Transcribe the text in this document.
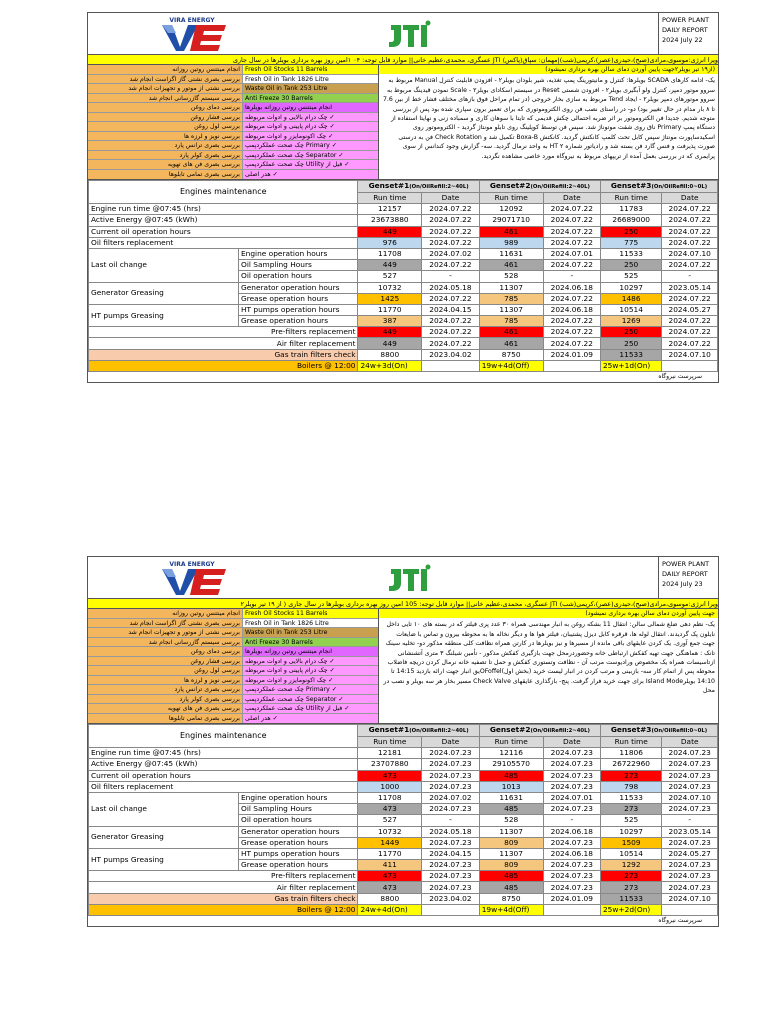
VIRA ENERGY	POWER PLANT DAILY REPORT
2024 July 22
ویرا انرژی:موسوی،مرادی(صبح)،حیدری(عصر)،کریمی(شب)|مهمان: سپاق(پاکس) JTI عسگری، محمدی،عظیم خانی|| موارد قابل توجه: ۰۴ ۱امین روز بهره برداری بویلرها در سال جاری
انجام مینتنس روتین روزانه Fresh Oil Stocks 11 Barrels
بررسی بصری نشتی گاز اگزاست انجام شد Fresh Oil in Tank 1826 Litre
بررسی نشتی از موتور و تجهیزات انجام شد Waste Oil in Tank 253 Litre
بررسی سیستم گازرسانی انجام شد Anti Freeze 30 Barrels
بررسی دمای روغن انجام مینتنس روتین روزانه بویلرها
بررسی فشار روغن چک درام بالایی و ادوات مربوطه ✓
بررسی لول روغن چک درام پایینی و ادوات مربوطه ✓
بررسی نویز و لرزه ها چک اکونومایزر و ادوات مربوطه ✓
بررسی بصری ترانس پارد چک صحت عملکردپمپ Primary ✓
بررسی بصری کولر پارد چک صحت عملکردپمپ Separator ✓
بررسی بصری فن های تهویه چک صحت عملکردپمپ Utility فیل از ✓
بررسی بصری تمامی تابلوها هدر اصلی ✓
(از۱۹ تیر بویلر۲جهت پایین آوردن دمای سالن بهره برداری نمیشود)
یک- ادامه کارهای SCADA بویلرها: کنترل و مانیتورینگ پمپ تغذیه، شیر بلودان بویلر۲ - افزودن قابلیت کنترل Manual مربوط به سروو موتور دمپر، کنترل ولو آبگیری بویلر۲ - افزودن شستی Reset در سیستم اسکادای بویلر۲ - Scale نمودن قیدینگ مربوط به سروو موتورهای دمپر بویلر۲ - ایجاد Tend مربوط به سازی بخار خروجی (در تمام مراحل فوق بازهای مختلف فشار خط از بین 7.6 تا ۸ بار مدام در حال تغییر بود) دو- در راستای نصب فن روی الکتروموتوری که برای تعمیر برون سپاری شده بود پس از بررسی متوجه شدیم. جدیدا فن الکتروموتور بر اثر ضربه احتمالی چکش قدیمی که تایتا با سوهان کاری و سمباده زنی و نهایتا استفاده از دستگاه پمپ Primary ناق روی شفت موتوناژ شد. سپس فن توسط کوپلینگ روی تابلو مونتاژ گردید - الکتروموتور روی اسکیدساپورت مونتاژ سپس کابل تحت کلمپ کانکتش گردید. کانکتش Boxa-B تکمیل شد و Check Rotation فن به درستی صورت پذیرفت و فنس گارد فن بسته شد و رادیاتور شماره ۲ HT به واحد نرمال گردید. سه- گزارش وجود کندانس از سوی پرایمری که در بررسی بعمل آمده از تریپهای مربوط به نیروگاه مورد خاصی مشاهده نگردید.
Engines maintenance		Genset#1(On/OilRefill:2~40L)		Genset#2(On/OilRefill:2~40L)		Genset#3(On/OilRefill:0~0L)	
		Run time	Date	Run time	Date	Run time	Date
Engine run time @07:45 (hrs)		12157	2024.07.22	12092	2024.07.22	11783	2024.07.22
Active Energy @07:45 (kWh)		23673880	2024.07.22	29071710	2024.07.22	26689000	2024.07.22
Current oil operation hours		449	2024.07.22	461	2024.07.22	250	2024.07.22
Oil filters replacement		976	2024.07.22	989	2024.07.22	775	2024.07.22
Last oil change	Engine operation hours	11708	2024.07.02	11631	2024.07.01	11533	2024.07.10
	Oil Sampling Hours	449	2024.07.22	461	2024.07.22	250	2024.07.22
	Oil operation hours	527	-	528	-	525	-
Generator Greasing	Generator operation hours	10732	2024.05.18	11307	2024.06.18	10297	2023.05.14
	Grease operation hours	1425	2024.07.22	785	2024.07.22	1486	2024.07.22
HT pumps Greasing	HT pumps operation hours	11770	2024.04.15	11307	2024.06.18	10514	2024.05.27
	Grease operation hours	387	2024.07.22	785	2024.07.22	1269	2024.07.22
Pre-filters replacement		449	2024.07.22	461	2024.07.22	250	2024.07.22
Air filter replacement		449	2024.07.22	461	2024.07.22	250	2024.07.22
Gas train filters check		8800	2023.04.02	8750	2024.01.09	11533	2024.07.10
Boilers @ 12:00		24w+3d(On)		19w+4d(Off)		25w+1d(On)	
سرپرست نیروگاه
VIRA ENERGY	POWER PLANT DAILY REPORT
2024 July 23
ویرا انرژی:موسوی،مرادی(صبح)،حیدری(عصر)،کریمی(شب) JTI عسگری، محمدی،عظیم خانی|| موارد قابل توجه: 105 امین روز بهره برداری بویلرها در سال جاری ( از ۱۹ تیر بویلر۲
انجام مینتنس روتین روزانه Fresh Oil Stocks 11 Barrels
بررسی بصری نشتی گاز اگزاست انجام شد Fresh Oil in Tank 1826 Litre
بررسی نشتی از موتور و تجهیزات انجام شد Waste Oil in Tank 253 Litre
بررسی سیستم گازرسانی انجام شد Anti Freeze 30 Barrels
بررسی دمای روغن انجام مینتنس روتین روزانه بویلرها
بررسی فشار روغن چک درام بالایی و ادوات مربوطه ✓
بررسی لول روغن چک درام پایینی و ادوات مربوطه ✓
بررسی نویز و لرزه ها چک اکونومایزر و ادوات مربوطه ✓
بررسی بصری ترانس پارد چک صحت عملکردپمپ Primary ✓
بررسی بصری کولر پارد چک صحت عملکردپمپ Separator ✓
بررسی بصری فن های تهویه چک صحت عملکردپمپ Utility فیل از ✓
بررسی بصری تمامی تابلوها هدر اصلی ✓
جهت پایین آوردن دمای سالن بهره برداری نمیشود)
یک- نظم دهی ضلع شمالی سالن: انتقال 11 بشکه روغن به انبار مهندسی همراه ۳۰ عدد پری فیلتر که در بسته های ۱۰ تایی داخل نایلون پک گردیدند. انتقال لوله ها، قرقره کابل دیزل پشتیبان، فیلتر هوا ها و دیگر نخاله ها به محوطه بیرون و تماس با ضایعات جهت جمع آوری. یک کردن عایقهای باقی مانده از مسیرها و نیز بویلرها در کارتن همراه نظافت کلی منطقه مذکور دو- تخلیه سینک تانک : هماهنگی جهت تهیه کفکش ارتباطی خانه وحضوردرمحل جهت بازگیری کفکش مذکور - تأمین شیلنگ ۳ متری آتشنشانی ازتاسیسات همراه یک مخصوص ورادیوست مرتب آن - نظافت وتستوری کفکش و حمل تا تصفیه خانه نرمال کردن دریچه فاضلاب محوطه پس از اتمام کار سه- بازبینی و مرتب کردن در انبار لیست خرید (بخش اول)OFoffelیق انبار جهت ارائه بازدید 14:15 تا 14:10 بویلرIsland Mode برای جهت خرید فرار گرفت. پنج- بازگذاری عایقهای Check Valve مسیر بخار هر سه بویلر و نصب در محل
Engines maintenance		Genset#1(On/OilRefill:2~40L)		Genset#2(On/OilRefill:2~40L)		Genset#3(On/OilRefill:0~0L)	
		Run time	Date	Run time	Date	Run time	Date
Engine run time @07:45 (hrs)		12181	2024.07.23	12116	2024.07.23	11806	2024.07.23
Active Energy @07:45 (kWh)		23707880	2024.07.23	29105570	2024.07.23	26722960	2024.07.23
Current oil operation hours		473	2024.07.23	485	2024.07.23	273	2024.07.23
Oil filters replacement		1000	2024.07.23	1013	2024.07.23	798	2024.07.23
Last oil change	Engine operation hours	11708	2024.07.02	11631	2024.07.01	11533	2024.07.10
	Oil Sampling Hours	473	2024.07.23	485	2024.07.23	273	2024.07.23
	Oil operation hours	527	-	528	-	525	-
Generator Greasing	Generator operation hours	10732	2024.05.18	11307	2024.06.18	10297	2023.05.14
	Grease operation hours	1449	2024.07.23	809	2024.07.23	1509	2024.07.23
HT pumps Greasing	HT pumps operation hours	11770	2024.04.15	11307	2024.06.18	10514	2024.05.27
	Grease operation hours	411	2024.07.23	809	2024.07.23	1292	2024.07.23
Pre-filters replacement		473	2024.07.23	485	2024.07.23	273	2024.07.23
Air filter replacement		473	2024.07.23	485	2024.07.23	273	2024.07.23
Gas train filters check		8800	2023.04.02	8750	2024.01.09	11533	2024.07.10
Boilers @ 12:00		24w+4d(On)		19w+4d(Off)		25w+2d(On)	
سرپرست نیروگاه
